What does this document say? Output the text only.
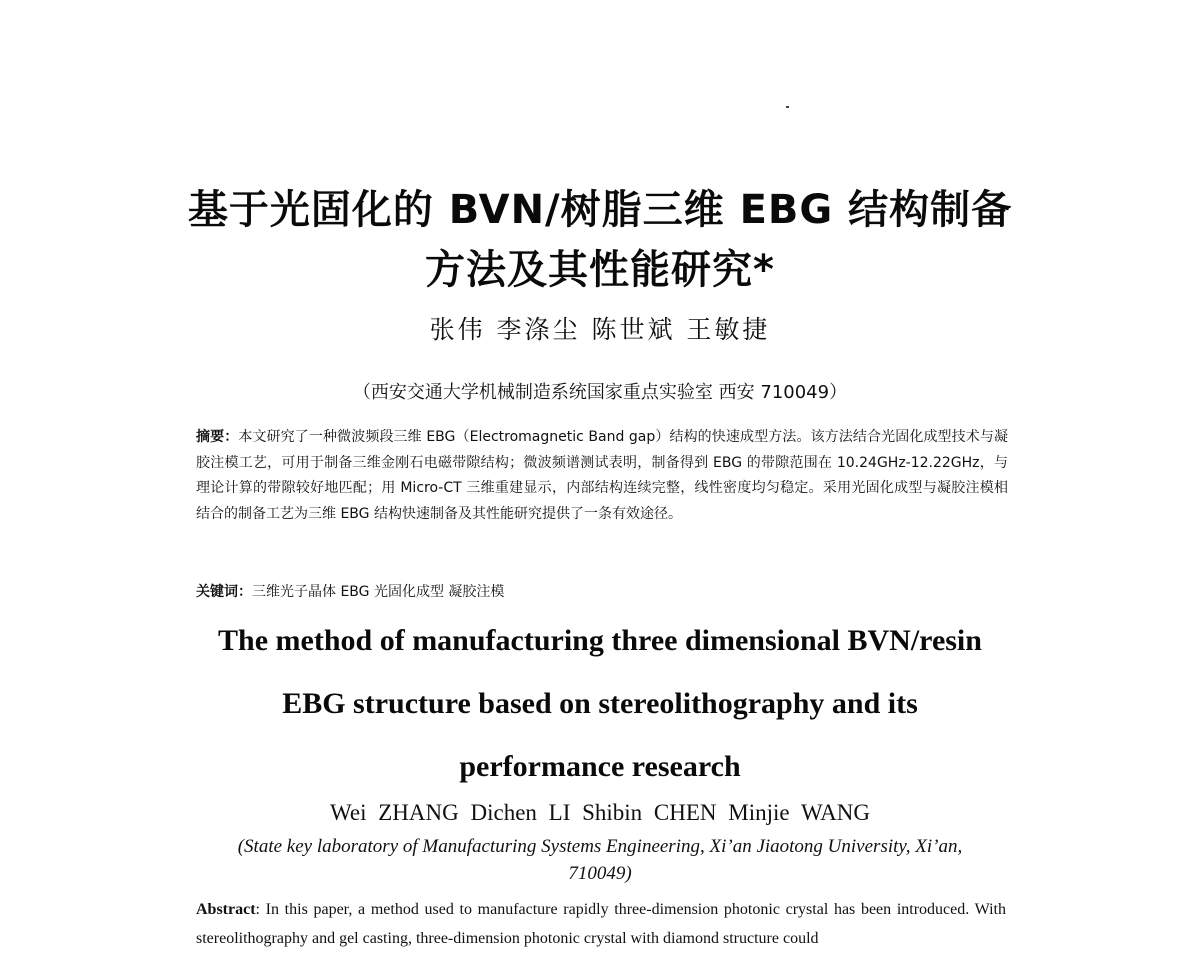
基于光固化的 BVN/树脂三维 EBG 结构制备
方法及其性能研究*
张伟 李涤尘 陈世斌 王敏捷
（西安交通大学机械制造系统国家重点实验室 西安 710049）
摘要：本文研究了一种微波频段三维 EBG（Electromagnetic Band gap）结构的快速成型方法。该方法结合光固化成型技术与凝胶注模工艺，可用于制备三维金刚石电磁带隙结构；微波频谱测试表明，制备得到 EBG 的带隙范围在 10.24GHz-12.22GHz，与理论计算的带隙较好地匹配；用 Micro-CT 三维重建显示，内部结构连续完整，线性密度均匀稳定。采用光固化成型与凝胶注模相结合的制备工艺为三维 EBG 结构快速制备及其性能研究提供了一条有效途径。
关键词：三维光子晶体 EBG 光固化成型 凝胶注模
The method of manufacturing three dimensional BVN/resin
EBG structure based on stereolithography and its
performance research
Wei ZHANG Dichen LI Shibin CHEN Minjie WANG
(State key laboratory of Manufacturing Systems Engineering, Xi’an Jiaotong University, Xi’an,
710049)
Abstract: In this paper, a method used to manufacture rapidly three-dimension photonic crystal has been introduced. With stereolithography and gel casting, three-dimension photonic crystal with diamond structure could
